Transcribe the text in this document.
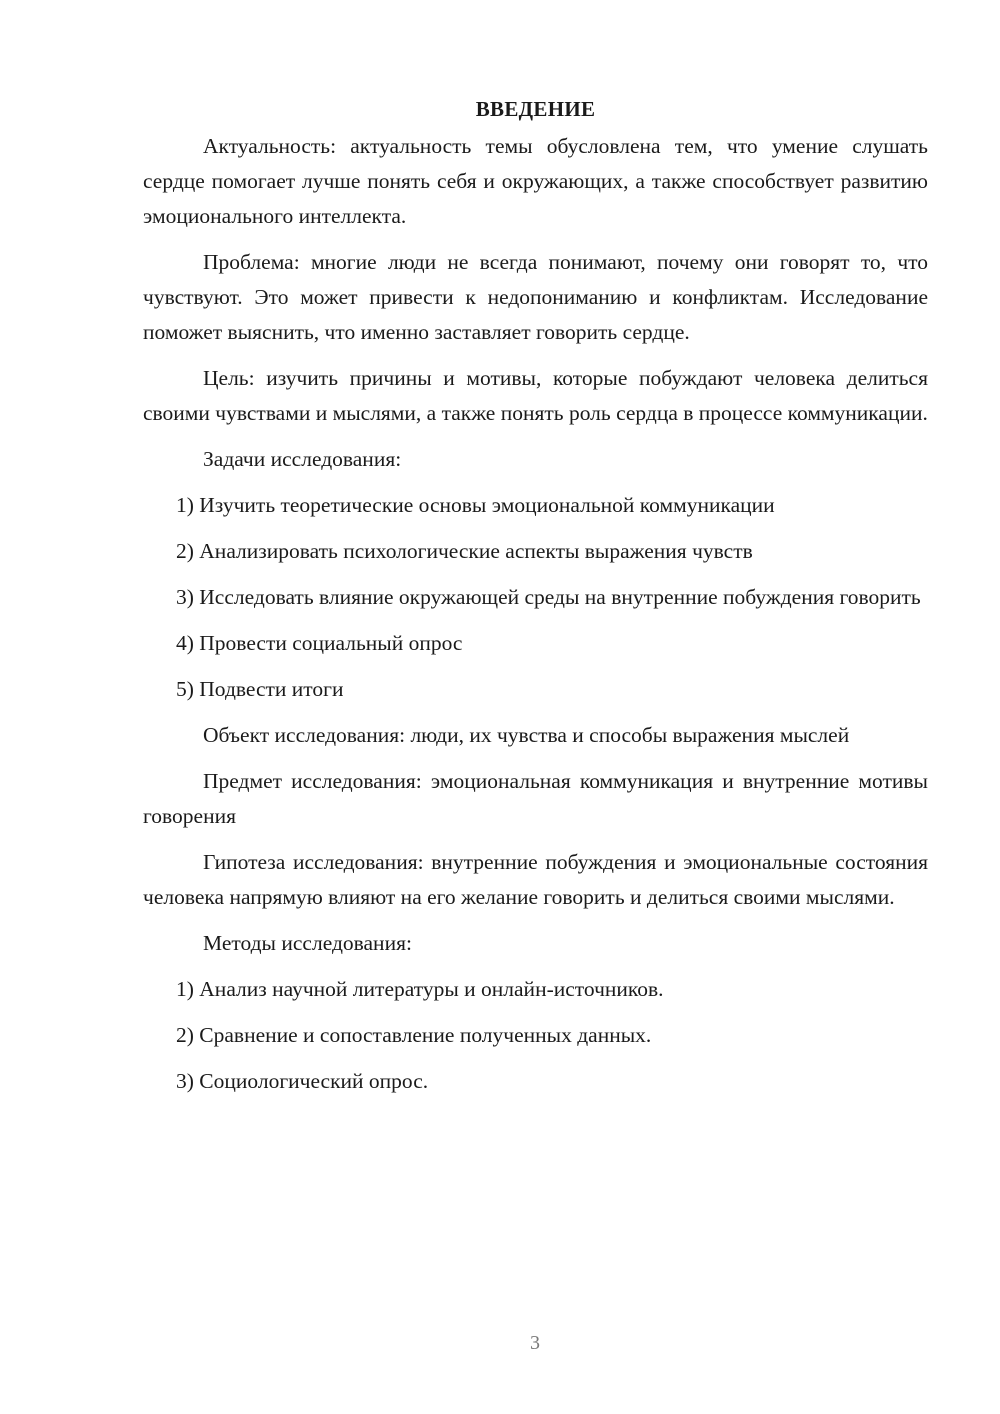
ВВЕДЕНИЕ

Актуальность: актуальность темы обусловлена тем, что умение слушать сердце помогает лучше понять себя и окружающих, а также способствует развитию эмоционального интеллекта.

Проблема: многие люди не всегда понимают, почему они говорят то, что чувствуют. Это может привести к недопониманию и конфликтам. Исследование поможет выяснить, что именно заставляет говорить сердце.

Цель: изучить причины и мотивы, которые побуждают человека делиться своими чувствами и мыслями, а также понять роль сердца в процессе коммуникации.

Задачи исследования:

1) Изучить теоретические основы эмоциональной коммуникации

2) Анализировать психологические аспекты выражения чувств

3) Исследовать влияние окружающей среды на внутренние побуждения говорить

4) Провести социальный опрос

5) Подвести итоги

Объект исследования: люди, их чувства и способы выражения мыслей

Предмет исследования: эмоциональная коммуникация и внутренние мотивы говорения

Гипотеза исследования: внутренние побуждения и эмоциональные состояния человека напрямую влияют на его желание говорить и делиться своими мыслями.

Методы исследования:

1) Анализ научной литературы и онлайн-источников.

2) Сравнение и сопоставление полученных данных.

3) Социологический опрос.

3
